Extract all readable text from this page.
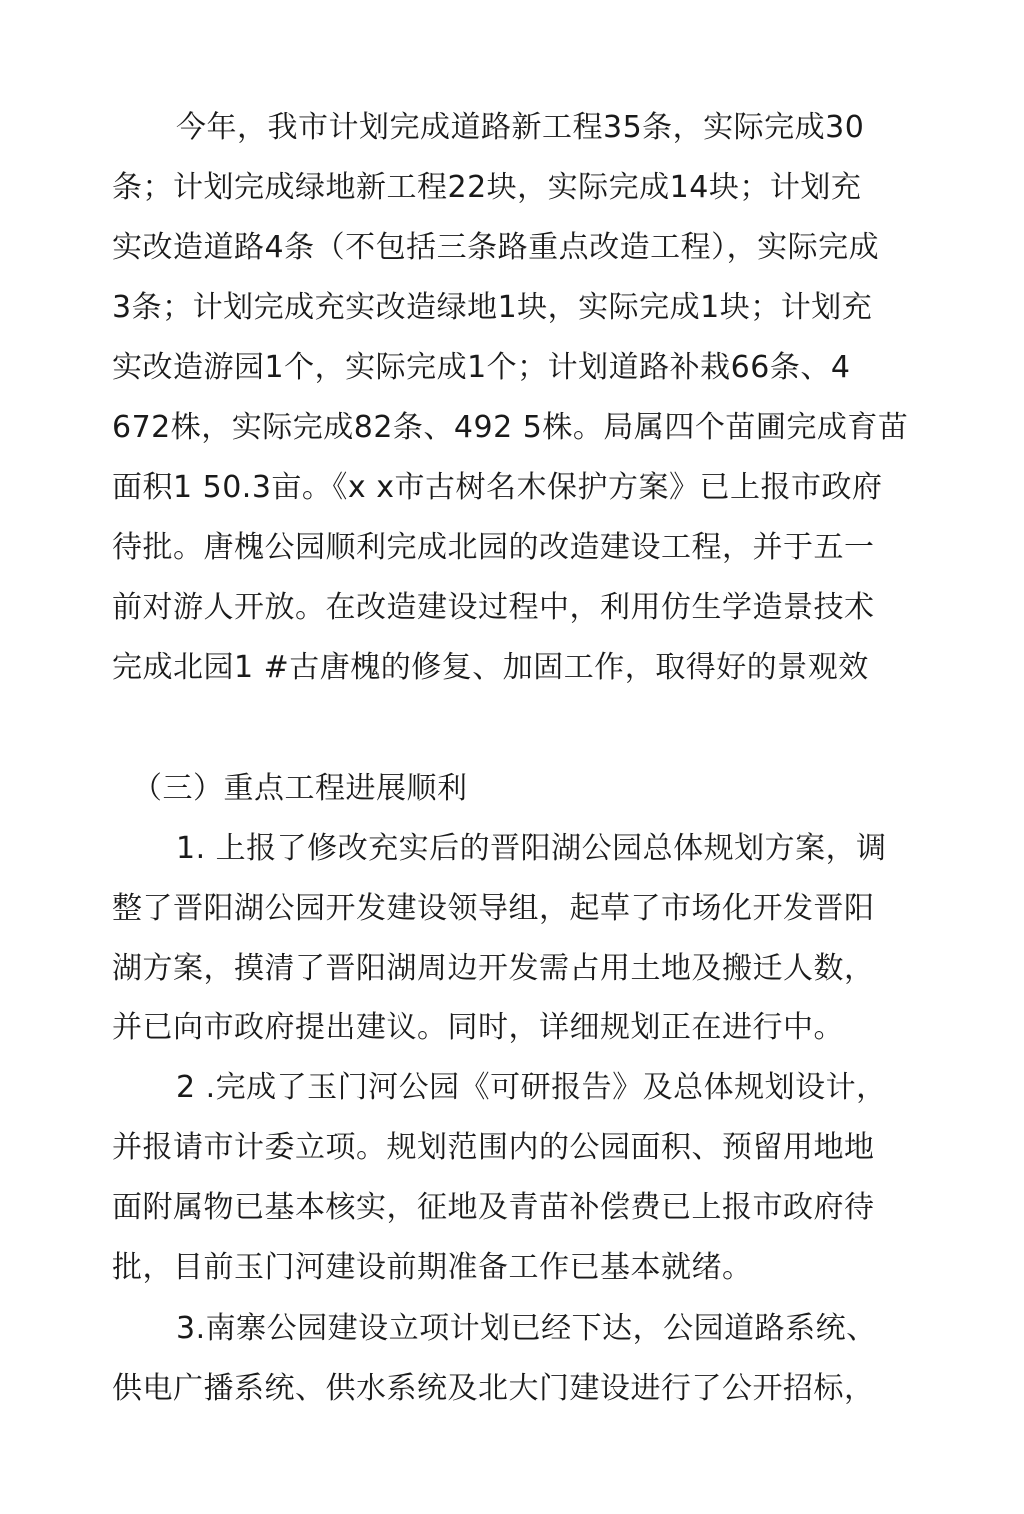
今年，我市计划完成道路新工程35条，实际完成30
条；计划完成绿地新工程22块，实际完成14块；计划充
实改造道路4条（不包括三条路重点改造工程），实际完成
3条；计划完成充实改造绿地1块，实际完成1块；计划充
实改造游园1个，实际完成1个；计划道路补栽66条、4
672株，实际完成82条、492 5株。局属四个苗圃完成育苗
面积1 50.3亩。《x x市古树名木保护方案》已上报市政府
待批。唐槐公园顺利完成北园的改造建设工程，并于五一
前对游人开放。在改造建设过程中，利用仿生学造景技术
完成北园1 #古唐槐的修复、加固工作，取得好的景观效
（三）重点工程进展顺利
1. 上报了修改充实后的晋阳湖公园总体规划方案，调
整了晋阳湖公园开发建设领导组，起草了市场化开发晋阳
湖方案，摸清了晋阳湖周边开发需占用土地及搬迁人数，
并已向市政府提出建议。同时，详细规划正在进行中。
2 .完成了玉门河公园《可研报告》及总体规划设计，
并报请市计委立项。规划范围内的公园面积、预留用地地
面附属物已基本核实，征地及青苗补偿费已上报市政府待
批，目前玉门河建设前期准备工作已基本就绪。
3.南寨公园建设立项计划已经下达，公园道路系统、
供电广播系统、供水系统及北大门建设进行了公开招标，
